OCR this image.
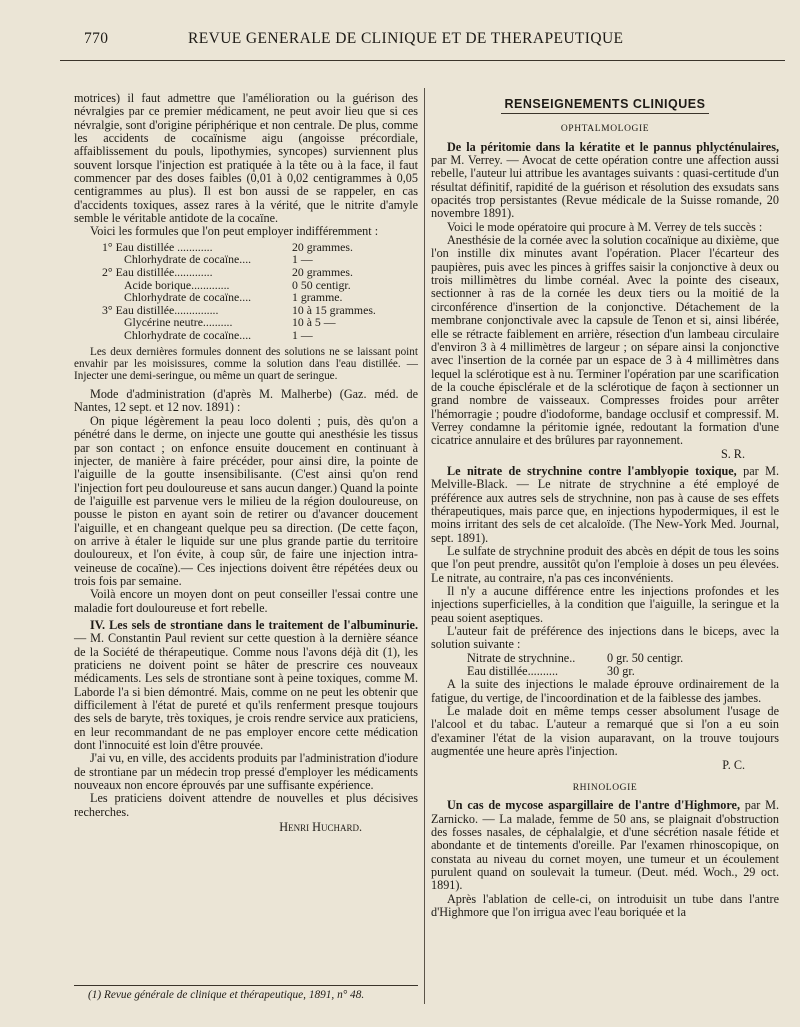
770	REVUE GENERALE DE CLINIQUE ET DE THERAPEUTIQUE

motrices) il faut admettre que l'amélioration ou la guérison des névralgies par ce premier médicament, ne peut avoir lieu que si ces névralgie, sont d'origine périphérique et non centrale. De plus, comme les accidents de cocaïnisme aigu (angoisse précordiale, affaiblissement du pouls, lipothymies, syncopes) surviennent plus souvent lorsque l'injection est pratiquée à la tête ou à la face, il faut commencer par des doses faibles (0,01 à 0,02 centigrammes à 0,05 centigrammes au plus). Il est bon aussi de se rappeler, en cas d'accidents toxiques, assez rares à la vérité, que le nitrite d'amyle semble le véritable antidote de la cocaïne.

Voici les formules que l'on peut employer indifféremment :

1° Eau distillée ............	20 grammes.
Chlorhydrate de cocaïne....	1 —
2° Eau distillée.............	20 grammes.
Acide borique.............	0 50 centigr.
Chlorhydrate de cocaïne....	1 gramme.
3° Eau distillée...............	10 à 15 grammes.
Glycérine neutre..........	10 à 5 —
Chlorhydrate de cocaïne....	1 —

Les deux dernières formules donnent des solutions ne se laissant point envahir par les moisissures, comme la solution dans l'eau distillée. — Injecter une demi-seringue, ou même un quart de seringue.

Mode d'administration (d'après M. Malherbe) (Gaz. méd. de Nantes, 12 sept. et 12 nov. 1891) :

On pique légèrement la peau loco dolenti ; puis, dès qu'on a pénétré dans le derme, on injecte une goutte qui anesthésie les tissus par son contact ; on enfonce ensuite doucement en continuant à injecter, de manière à faire précéder, pour ainsi dire, la pointe de l'aiguille de la goutte insensibilisante. (C'est ainsi qu'on rend l'injection fort peu douloureuse et sans aucun danger.) Quand la pointe de l'aiguille est parvenue vers le milieu de la région douloureuse, on pousse le piston en ayant soin de retirer ou d'avancer doucement l'aiguille, et en changeant quelque peu sa direction. (De cette façon, on arrive à étaler le liquide sur une plus grande partie du territoire douloureux, et l'on évite, à coup sûr, de faire une injection intra-veineuse de cocaïne).— Ces injections doivent être répétées deux ou trois fois par semaine.

Voilà encore un moyen dont on peut conseiller l'essai contre une maladie fort douloureuse et fort rebelle.

IV. Les sels de strontiane dans le traitement de l'albuminurie. — M. Constantin Paul revient sur cette question à la dernière séance de la Société de thérapeutique. Comme nous l'avons déjà dit (1), les praticiens ne doivent point se hâter de prescrire ces nouveaux médicaments. Les sels de strontiane sont à peine toxiques, comme M. Laborde l'a si bien démontré. Mais, comme on ne peut les obtenir que difficilement à l'état de pureté et qu'ils renferment presque toujours des sels de baryte, très toxiques, je crois rendre service aux praticiens, en leur recommandant de ne pas employer encore cette médication dont l'innocuité est loin d'être prouvée.

J'ai vu, en ville, des accidents produits par l'administration d'iodure de strontiane par un médecin trop pressé d'employer les médicaments nouveaux non encore éprouvés par une suffisante expérience.

Les praticiens doivent attendre de nouvelles et plus décisives recherches.

Henri Huchard.

(1) Revue générale de clinique et thérapeutique, 1891, n° 48.
RENSEIGNEMENTS CLINIQUES
OPHTALMOLOGIE

De la péritomie dans la kératite et le pannus phlycténulaires, par M. Verrey. — Avocat de cette opération contre une affection aussi rebelle, l'auteur lui attribue les avantages suivants : quasi-certitude d'un résultat définitif, rapidité de la guérison et résolution des exsudats sans opacités trop persistantes (Revue médicale de la Suisse romande, 20 novembre 1891).

Voici le mode opératoire qui procure à M. Verrey de tels succès :

Anesthésie de la cornée avec la solution cocaïnique au dixième, que l'on instille dix minutes avant l'opération. Placer l'écarteur des paupières, puis avec les pinces à griffes saisir la conjonctive à deux ou trois millimètres du limbe cornéal. Avec la pointe des ciseaux, sectionner à ras de la cornée les deux tiers ou la moitié de la circonférence d'insertion de la conjonctive. Détachement de la membrane conjonctivale avec la capsule de Tenon et si, ainsi libérée, elle se rétracte faiblement en arrière, résection d'un lambeau circulaire d'environ 3 à 4 millimètres de largeur ; on sépare ainsi la conjonctive avec l'insertion de la cornée par un espace de 3 à 4 millimètres dans lequel la sclérotique est à nu. Terminer l'opération par une scarification de la couche épisclérale et de la sclérotique de façon à sectionner un grand nombre de vaisseaux. Compresses froides pour arrêter l'hémorragie ; poudre d'iodoforme, bandage occlusif et compressif. M. Verrey condamne la péritomie ignée, redoutant la formation d'une cicatrice annulaire et des brûlures par rayonnement.

S. R.

Le nitrate de strychnine contre l'amblyopie toxique, par M. Melville-Black. — Le nitrate de strychnine a été employé de préférence aux autres sels de strychnine, non pas à cause de ses effets thérapeutiques, mais parce que, en injections hypodermiques, il est le moins irritant des sels de cet alcaloïde. (The New-York Med. Journal, sept. 1891).

Le sulfate de strychnine produit des abcès en dépit de tous les soins que l'on peut prendre, aussitôt qu'on l'emploie à doses un peu élevées. Le nitrate, au contraire, n'a pas ces inconvénients.

Il n'y a aucune différence entre les injections profondes et les injections superficielles, à la condition que l'aiguille, la seringue et la peau soient aseptiques.

L'auteur fait de préférence des injections dans le biceps, avec la solution suivante :

Nitrate de strychnine..	0 gr. 50 centigr.
Eau distillée..........	30 gr.

A la suite des injections le malade éprouve ordinairement de la fatigue, du vertige, de l'incoordination et de la faiblesse des jambes.

Le malade doit en même temps cesser absolument l'usage de l'alcool et du tabac. L'auteur a remarqué que si l'on a eu soin d'examiner l'état de la vision auparavant, on la trouve toujours augmentée une heure après l'injection.

P. C.

RHINOLOGIE

Un cas de mycose aspargillaire de l'antre d'Highmore, par M. Zarnicko. — La malade, femme de 50 ans, se plaignait d'obstruction des fosses nasales, de céphalalgie, et d'une sécrétion nasale fétide et abondante et de tintements d'oreille. Par l'examen rhinoscopique, on constata au niveau du cornet moyen, une tumeur et un écoulement purulent quand on soulevait la tumeur. (Deut. méd. Woch., 29 oct. 1891).

Après l'ablation de celle-ci, on introduisit un tube dans l'antre d'Highmore que l'on irrigua avec l'eau boriquée et la
